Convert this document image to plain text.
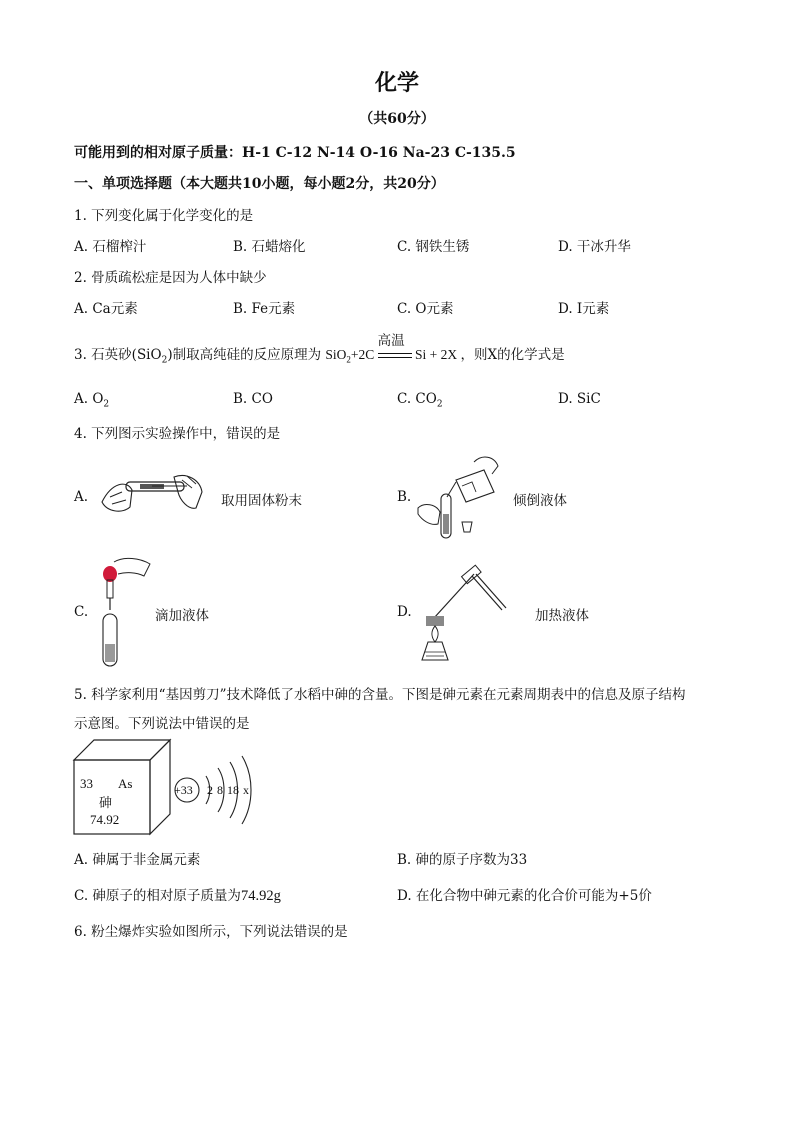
化学
（共60分）
可能用到的相对原子质量：H-1 C-12 N-14 O-16 Na-23 C-135.5
一、单项选择题（本大题共10小题，每小题2分，共20分）
1. 下列变化属于化学变化的是
A. 石榴榨汁	B. 石蜡熔化	C. 钢铁生锈	D. 干冰升华
2. 骨质疏松症是因为人体中缺少
A. Ca元素	B. Fe元素	C. O元素	D. I元素
3. 石英砂(SiO$_2$)制取高纯硅的反应原理为 SiO$_2$+2C
高温
Si + 2X ，则X的化学式是
A. $O_2$	B. CO	C. $CO_2$	D. SiC
4. 下列图示实验操作中，错误的是
A.	取用固体粉末	B.	倾倒液体
C.	滴加液体	D.	加热液体
5. 科学家利用“基因剪刀”技术降低了水稻中砷的含量。下图是砷元素在元素周期表中的信息及原子结构
示意图。下列说法中错误的是
33 As
砷
74.92
+33 2 8 18 x
A. 砷属于非金属元素	B. 砷的原子序数为33
C. 砷原子的相对原子质量为74.92g	D. 在化合物中砷元素的化合价可能为+5价
6. 粉尘爆炸实验如图所示，下列说法错误的是
